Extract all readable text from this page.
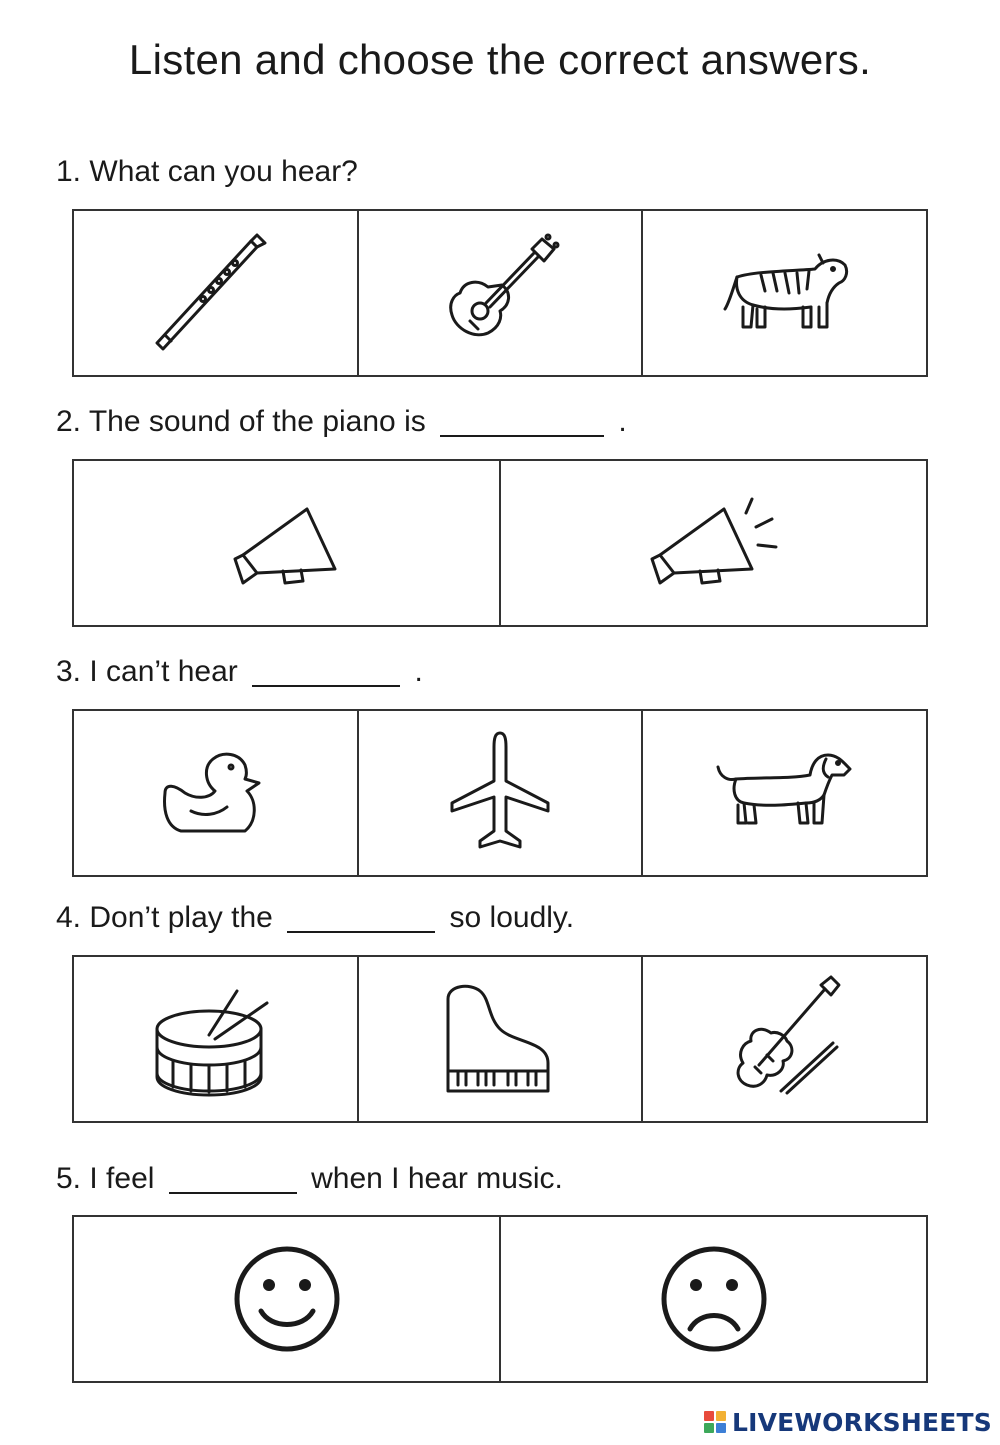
Listen and choose the correct answers.
1. What can you hear?
2. The sound of the piano is	.
3. I can’t hear	.
4. Don’t play the	so loudly.
5. I feel	when I hear music.
LIVEWORKSHEETS
